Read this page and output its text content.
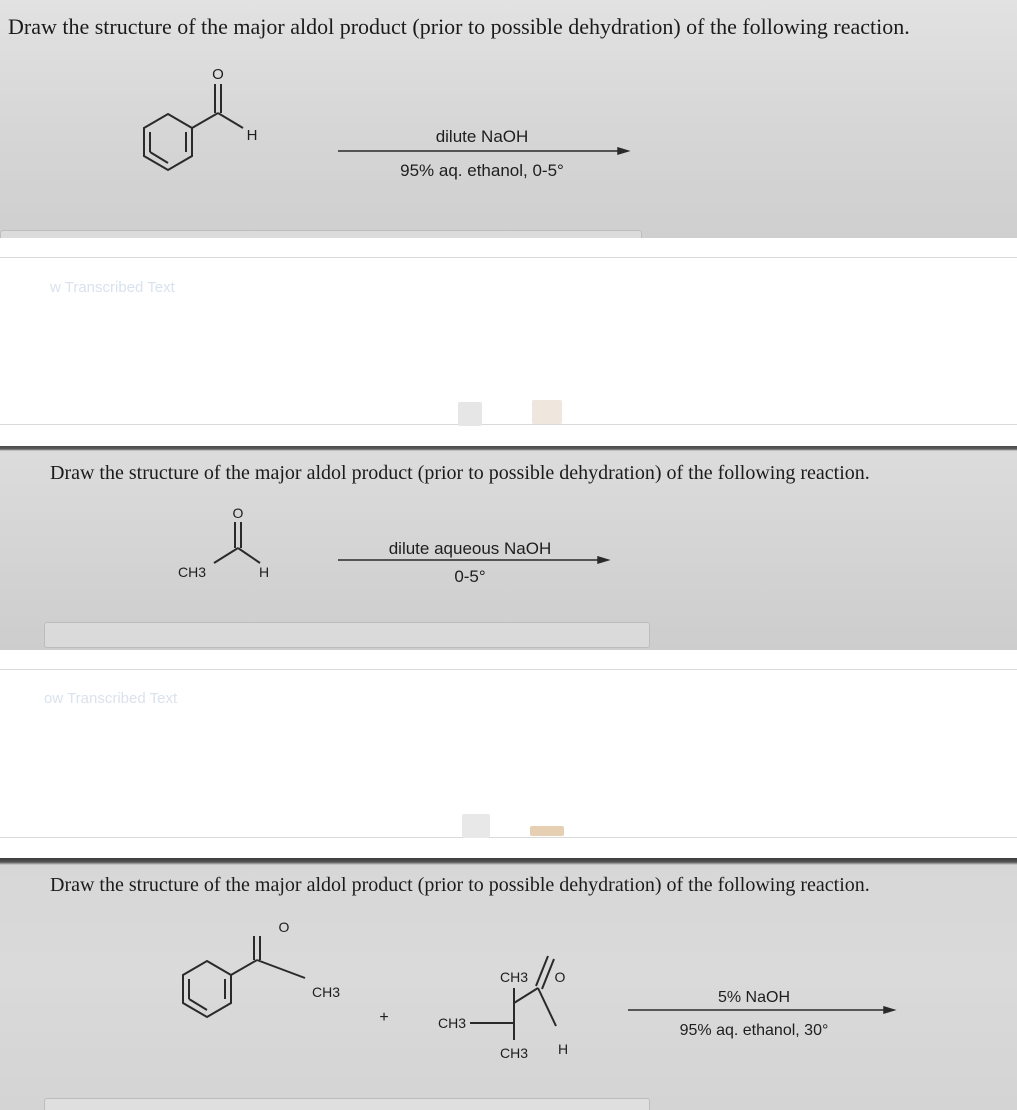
Draw the structure of the major aldol product (prior to possible dehydration) of the following reaction.
O
H	dilute NaOH
95% aq. ethanol, 0-5°
w Transcribed Text
Draw the structure of the major aldol product (prior to possible dehydration) of the following reaction.
O
CH3	H
dilute aqueous NaOH
0-5°
ow Transcribed Text
Draw the structure of the major aldol product (prior to possible dehydration) of the following reaction.
O
CH3
+
CH3
CH3
CH3
O
H
5% NaOH
95% aq. ethanol, 30°
